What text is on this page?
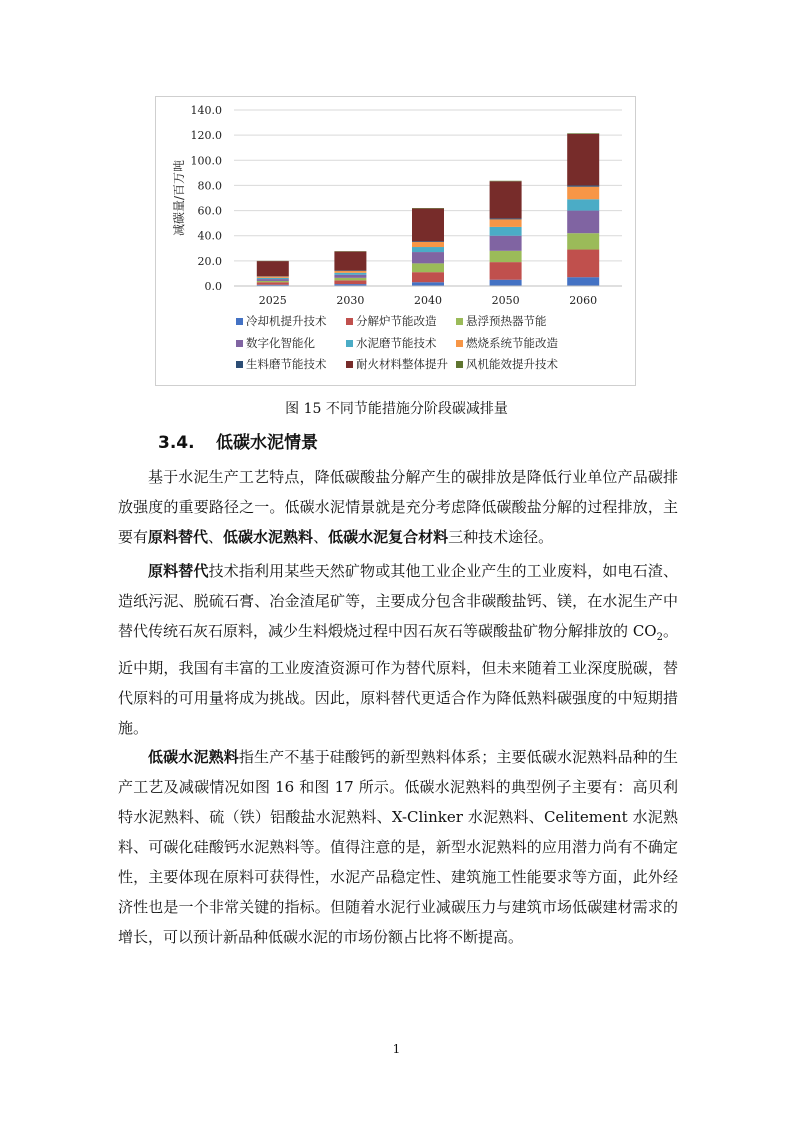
0.0
20.0
40.0
60.0
80.0
100.0
120.0
140.0
减碳量/百万吨
2025	2030	2040	2050	2060
冷却机提升技术	分解炉节能改造	悬浮预热器节能
数字化智能化	水泥磨节能技术	燃烧系统节能改造
生料磨节能技术	耐火材料整体提升 风机能效提升技术
图 15 不同节能措施分阶段碳减排量
3.4. 低碳水泥情景
基于水泥生产工艺特点，降低碳酸盐分解产生的碳排放是降低行业单位产品碳排放强度的重要路径之一。低碳水泥情景就是充分考虑降低碳酸盐分解的过程排放，主要有原料替代、低碳水泥熟料、低碳水泥复合材料三种技术途径。
原料替代技术指利用某些天然矿物或其他工业企业产生的工业废料，如电石渣、造纸污泥、脱硫石膏、冶金渣尾矿等，主要成分包含非碳酸盐钙、镁，在水泥生产中替代传统石灰石原料，减少生料煅烧过程中因石灰石等碳酸盐矿物分解排放的 $CO_2$。近中期，我国有丰富的工业废渣资源可作为替代原料，但未来随着工业深度脱碳，替代原料的可用量将成为挑战。因此，原料替代更适合作为降低熟料碳强度的中短期措施。
低碳水泥熟料指生产不基于硅酸钙的新型熟料体系；主要低碳水泥熟料品种的生产工艺及减碳情况如图 16 和图 17 所示。低碳水泥熟料的典型例子主要有：高贝利特水泥熟料、硫（铁）铝酸盐水泥熟料、X-Clinker 水泥熟料、Celitement 水泥熟料、可碳化硅酸钙水泥熟料等。值得注意的是，新型水泥熟料的应用潜力尚有不确定性，主要体现在原料可获得性，水泥产品稳定性、建筑施工性能要求等方面，此外经济性也是一个非常关键的指标。但随着水泥行业减碳压力与建筑市场低碳建材需求的增长，可以预计新品种低碳水泥的市场份额占比将不断提高。
1
